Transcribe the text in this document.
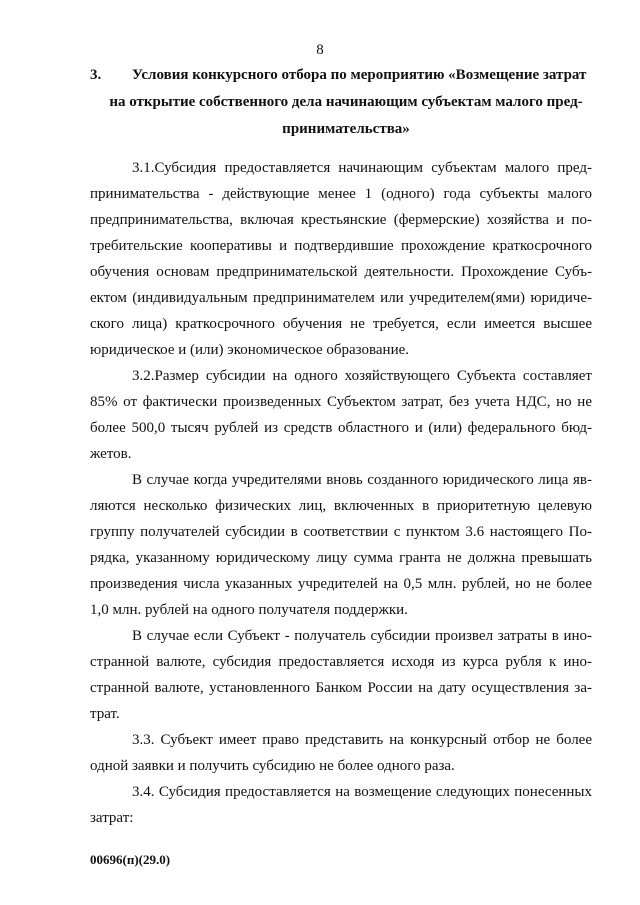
8
3. Условия конкурсного отбора по мероприятию «Возмещение затрат
на открытие собственного дела начинающим субъектам малого пред-
принимательства»
3.1.Субсидия предоставляется начинающим субъектам малого пред-
принимательства - действующие менее 1 (одного) года субъекты малого
предпринимательства, включая крестьянские (фермерские) хозяйства и по-
требительские кооперативы и подтвердившие прохождение краткосрочного
обучения основам предпринимательской деятельности. Прохождение Субъ-
ектом (индивидуальным предпринимателем или учредителем(ями) юридиче-
ского лица) краткосрочного обучения не требуется, если имеется высшее
юридическое и (или) экономическое образование.
3.2.Размер субсидии на одного хозяйствующего Субъекта составляет
85% от фактически произведенных Субъектом затрат, без учета НДС, но не
более 500,0 тысяч рублей из средств областного и (или) федерального бюд-
жетов.
В случае когда учредителями вновь созданного юридического лица яв-
ляются несколько физических лиц, включенных в приоритетную целевую
группу получателей субсидии в соответствии с пунктом 3.6 настоящего По-
рядка, указанному юридическому лицу сумма гранта не должна превышать
произведения числа указанных учредителей на 0,5 млн. рублей, но не более
1,0 млн. рублей на одного получателя поддержки.
В случае если Субъект - получатель субсидии произвел затраты в ино-
странной валюте, субсидия предоставляется исходя из курса рубля к ино-
странной валюте, установленного Банком России на дату осуществления за-
трат.
3.3. Субъект имеет право представить на конкурсный отбор не более
одной заявки и получить субсидию не более одного раза.
3.4. Субсидия предоставляется на возмещение следующих понесенных
затрат:
00696(п)(29.0)
